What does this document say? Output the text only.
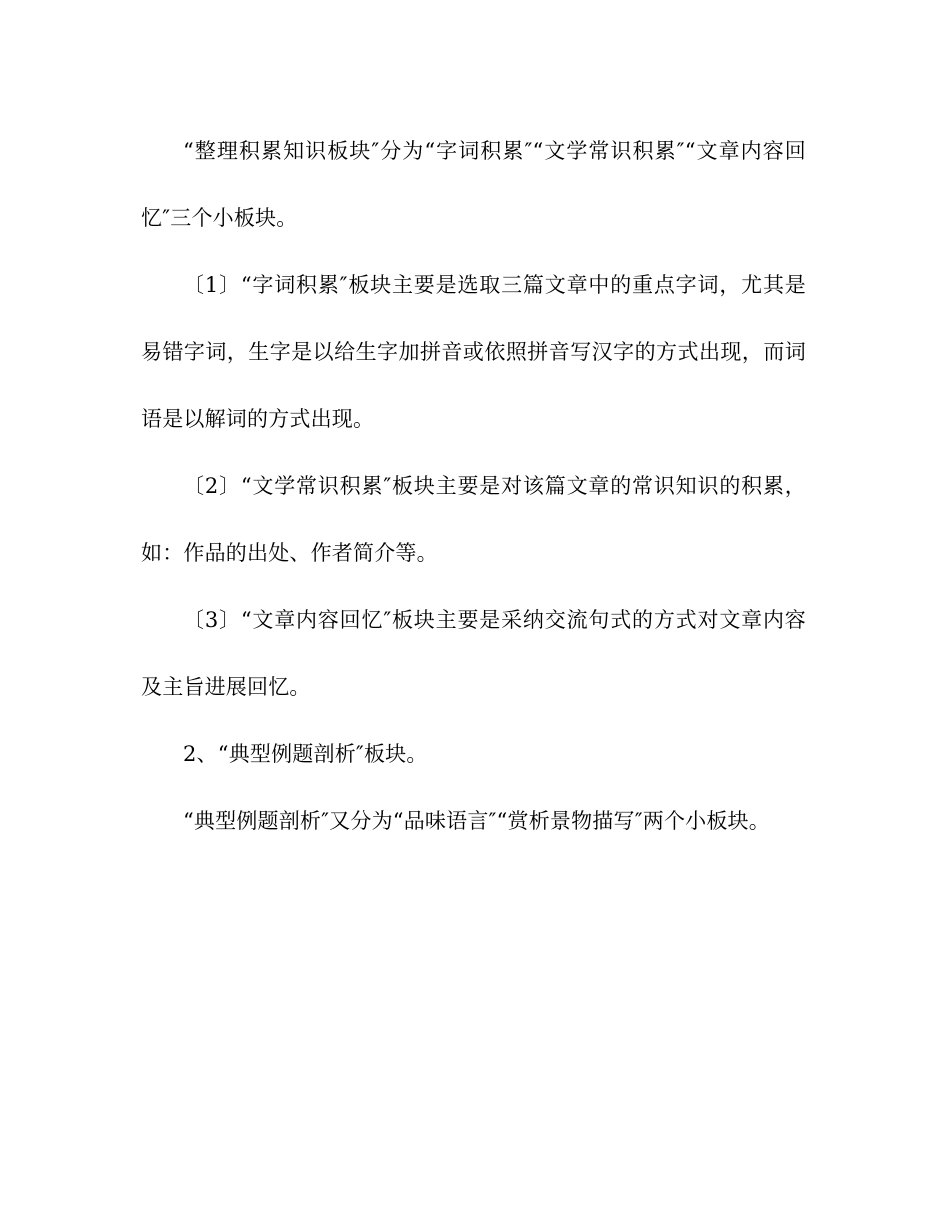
“整理积累知识板块″分为“字词积累″“文学常识积累″“文章内容回忆″三个小板块。

〔1〕“字词积累″板块主要是选取三篇文章中的重点字词，尤其是易错字词，生字是以给生字加拼音或依照拼音写汉字的方式出现，而词语是以解词的方式出现。

〔2〕“文学常识积累″板块主要是对该篇文章的常识知识的积累，如：作品的出处、作者简介等。

〔3〕“文章内容回忆″板块主要是采纳交流句式的方式对文章内容及主旨进展回忆。

2、“典型例题剖析″板块。

“典型例题剖析″又分为“品味语言″“赏析景物描写″两个小板块。
